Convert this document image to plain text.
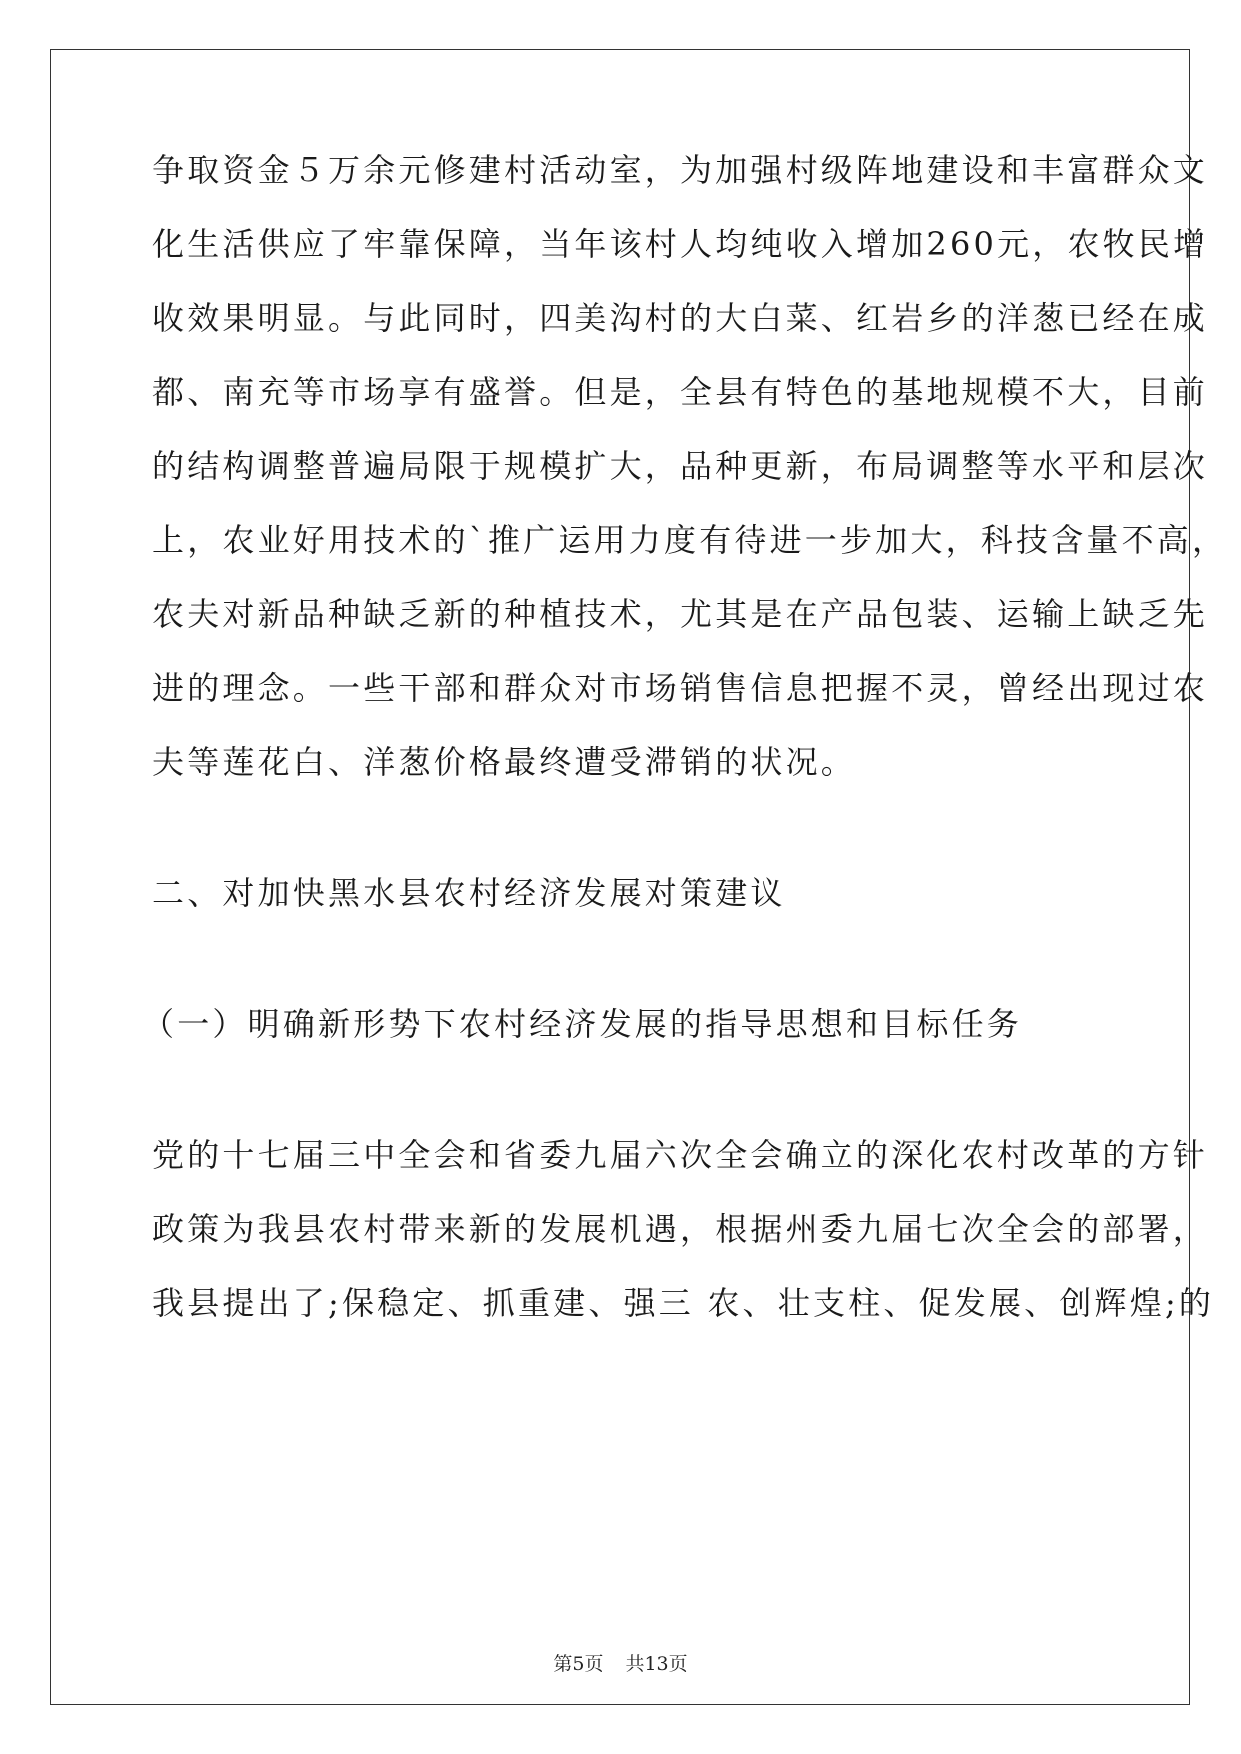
争取资金５万余元修建村活动室，为加强村级阵地建设和丰富群众文
化生活供应了牢靠保障，当年该村人均纯收入增加260元，农牧民增
收效果明显。与此同时，四美沟村的大白菜、红岩乡的洋葱已经在成
都、南充等市场享有盛誉。但是，全县有特色的基地规模不大，目前
的结构调整普遍局限于规模扩大，品种更新，布局调整等水平和层次
上，农业好用技术的`推广运用力度有待进一步加大，科技含量不高，
农夫对新品种缺乏新的种植技术，尤其是在产品包装、运输上缺乏先
进的理念。一些干部和群众对市场销售信息把握不灵，曾经出现过农
夫等莲花白、洋葱价格最终遭受滞销的状况。
二、对加快黑水县农村经济发展对策建议
（一）明确新形势下农村经济发展的指导思想和目标任务
党的十七届三中全会和省委九届六次全会确立的深化农村改革的方针
政策为我县农村带来新的发展机遇，根据州委九届七次全会的部署，
我县提出了;保稳定、抓重建、强三 农、壮支柱、促发展、创辉煌;的
第5页 共13页
